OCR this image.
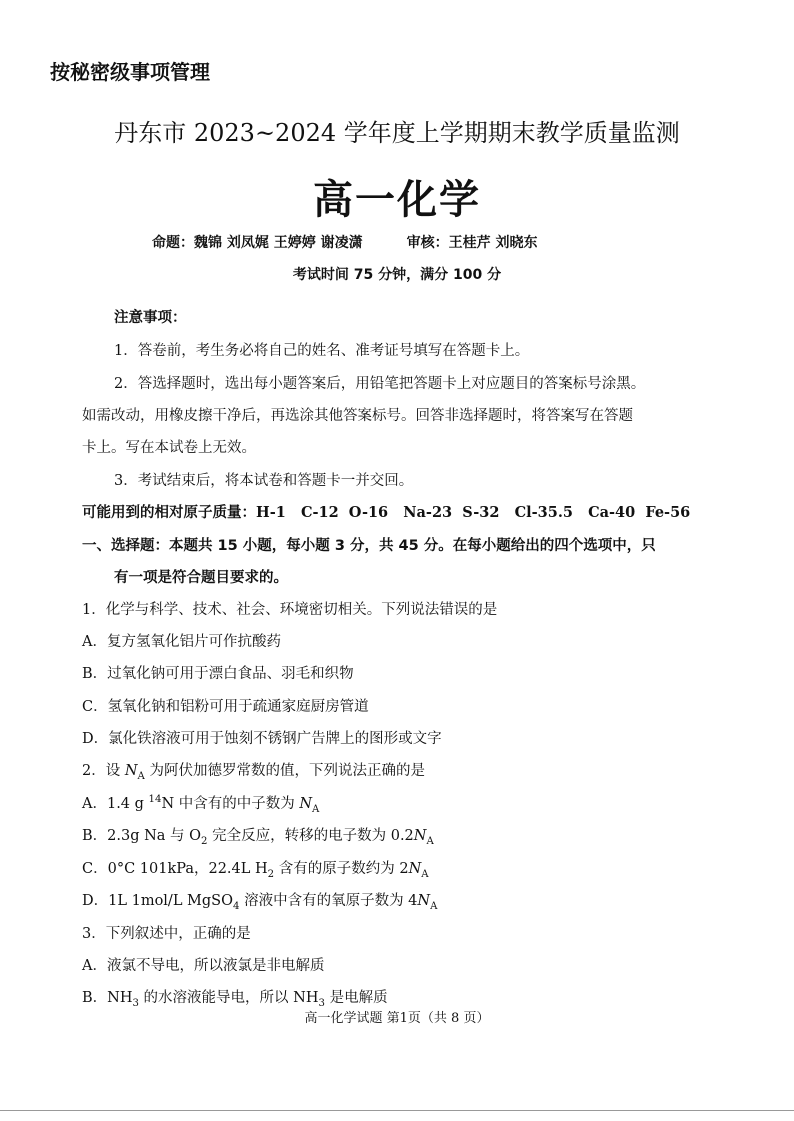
按秘密级事项管理
丹东市 2023~2024 学年度上学期期末教学质量监测
高一化学
命题：魏锦 刘凤娓 王婷婷 谢凌潇	审核：王桂芹 刘晓东
考试时间 75 分钟，满分 100 分
注意事项：
1．答卷前，考生务必将自己的姓名、准考证号填写在答题卡上。
2．答选择题时，选出每小题答案后，用铅笔把答题卡上对应题目的答案标号涂黑。
如需改动，用橡皮擦干净后，再选涂其他答案标号。回答非选择题时，将答案写在答题
卡上。写在本试卷上无效。
3．考试结束后，将本试卷和答题卡一并交回。
可能用到的相对原子质量：H-1   C-12  O-16   Na-23  S-32   Cl-35.5   Ca-40  Fe-56
一、选择题：本题共 15 小题，每小题 3 分，共 45 分。在每小题给出的四个选项中，只
有一项是符合题目要求的。
1．化学与科学、技术、社会、环境密切相关。下列说法错误的是
A．复方氢氧化铝片可作抗酸药
B．过氧化钠可用于漂白食品、羽毛和织物
C．氢氧化钠和铝粉可用于疏通家庭厨房管道
D．氯化铁溶液可用于蚀刻不锈钢广告牌上的图形或文字
2．设 $N_A$ 为阿伏加德罗常数的值，下列说法正确的是
A．1.4 g $^{14}$N 中含有的中子数为 $N_A$
B．2.3g Na 与 $O_2$ 完全反应，转移的电子数为 $0.2N_A$
C．0°C 101kPa，22.4L $H_2$ 含有的原子数约为 $2N_A$
D．1L 1mol/L MgSO$_4$ 溶液中含有的氧原子数为 $4N_A$
3．下列叙述中，正确的是
A．液氯不导电，所以液氯是非电解质
B．$NH_3$ 的水溶液能导电，所以 $NH_3$ 是电解质
高一化学试题 第1页（共 8 页）
